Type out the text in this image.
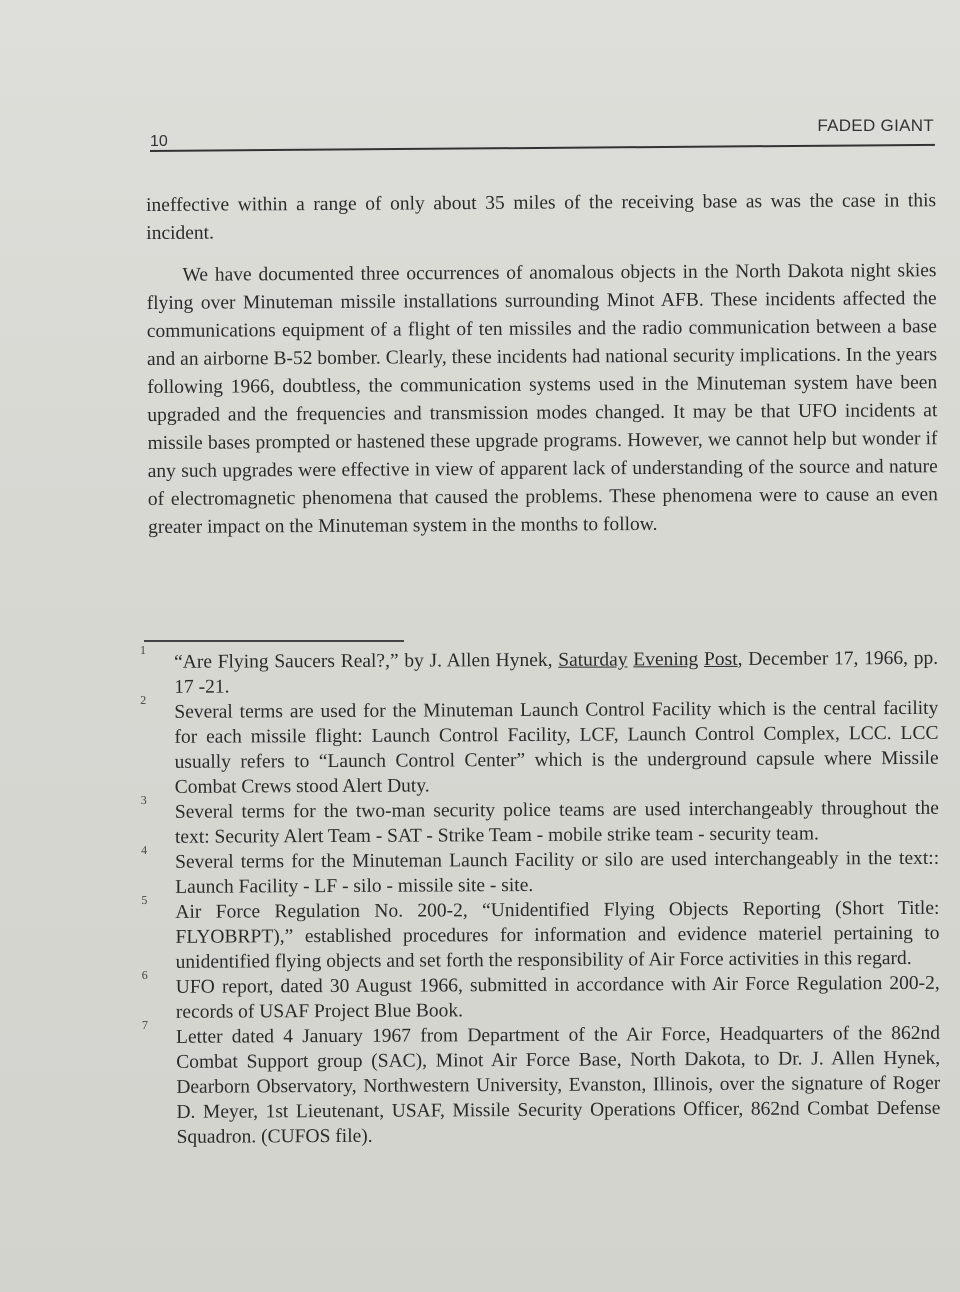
FADED GIANT
10

ineffective within a range of only about 35 miles of the receiving base as was the case in this incident.

We have documented three occurrences of anomalous objects in the North Dakota night skies flying over Minuteman missile installations surrounding Minot AFB. These incidents affected the communications equipment of a flight of ten missiles and the radio communication between a base and an airborne B-52 bomber. Clearly, these incidents had national security implications. In the years following 1966, doubtless, the communication systems used in the Minuteman system have been upgraded and the frequencies and transmission modes changed. It may be that UFO incidents at missile bases prompted or hastened these upgrade programs. However, we cannot help but wonder if any such upgrades were effective in view of apparent lack of understanding of the source and nature of electromagnetic phenomena that caused the problems. These phenomena were to cause an even greater impact on the Minuteman system in the months to follow.

1 “Are Flying Saucers Real?,” by J. Allen Hynek, Saturday Evening Post, December 17, 1966, pp. 17 -21.

2 Several terms are used for the Minuteman Launch Control Facility which is the central facility for each missile flight: Launch Control Facility, LCF, Launch Control Complex, LCC. LCC usually refers to “Launch Control Center” which is the underground capsule where Missile Combat Crews stood Alert Duty.

3 Several terms for the two-man security police teams are used interchangeably throughout the text: Security Alert Team - SAT - Strike Team - mobile strike team - security team.

4 Several terms for the Minuteman Launch Facility or silo are used interchangeably in the text:: Launch Facility - LF - silo - missile site - site.

5 Air Force Regulation No. 200-2, “Unidentified Flying Objects Reporting (Short Title: FLYOBRPT),” established procedures for information and evidence materiel pertaining to unidentified flying objects and set forth the responsibility of Air Force activities in this regard.

6 UFO report, dated 30 August 1966, submitted in accordance with Air Force Regulation 200-2, records of USAF Project Blue Book.

7 Letter dated 4 January 1967 from Department of the Air Force, Headquarters of the 862nd Combat Support group (SAC), Minot Air Force Base, North Dakota, to Dr. J. Allen Hynek, Dearborn Observatory, Northwestern University, Evanston, Illinois, over the signature of Roger D. Meyer, 1st Lieutenant, USAF, Missile Security Operations Officer, 862nd Combat Defense Squadron. (CUFOS file).
